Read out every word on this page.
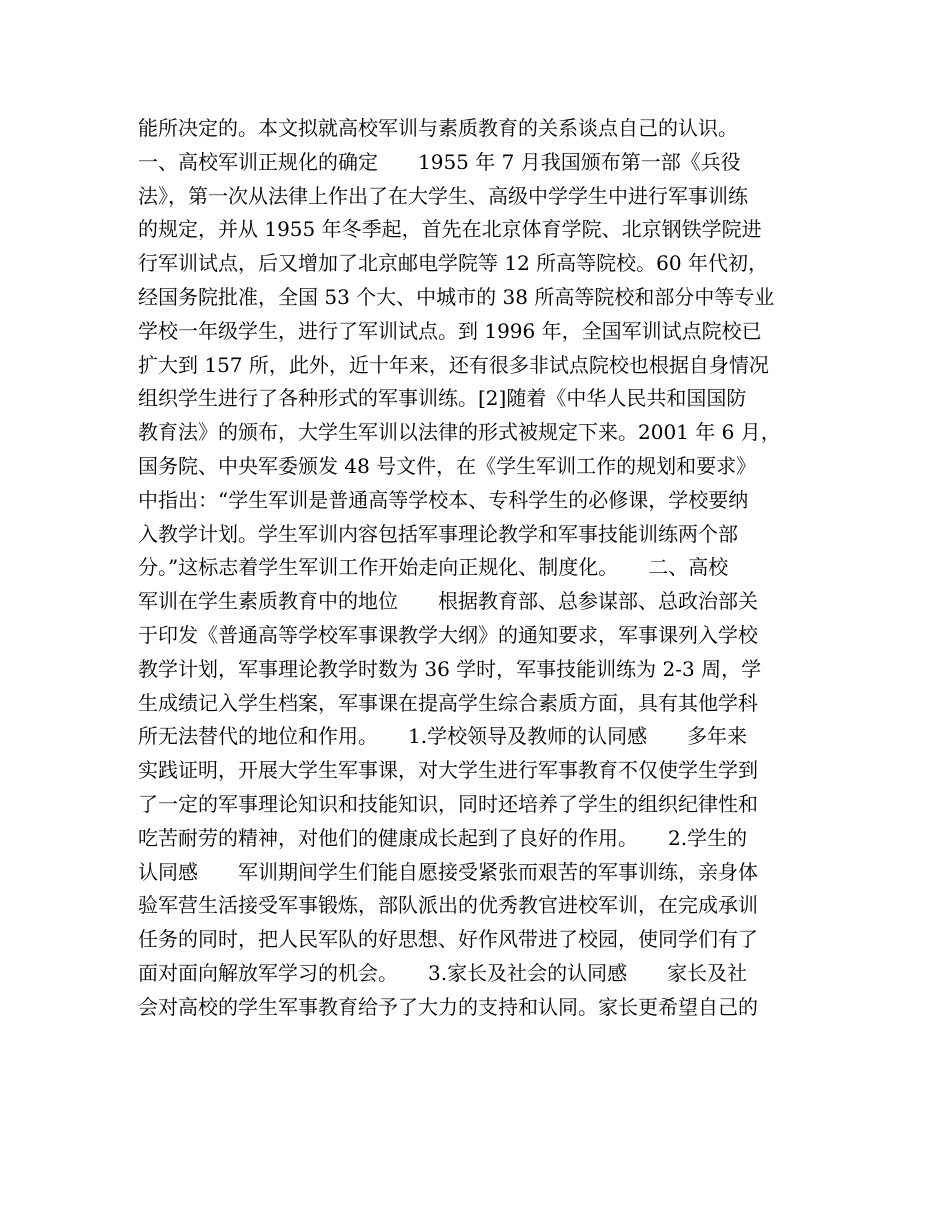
能所决定的。本文拟就高校军训与素质教育的关系谈点自己的认识。
一、高校军训正规化的确定　　1955 年 7 月我国颁布第一部《兵役
法》，第一次从法律上作出了在大学生、高级中学学生中进行军事训练
的规定，并从 1955 年冬季起，首先在北京体育学院、北京钢铁学院进
行军训试点，后又增加了北京邮电学院等 12 所高等院校。60 年代初，
经国务院批准，全国 53 个大、中城市的 38 所高等院校和部分中等专业
学校一年级学生，进行了军训试点。到 1996 年，全国军训试点院校已
扩大到 157 所，此外，近十年来，还有很多非试点院校也根据自身情况
组织学生进行了各种形式的军事训练。[2]随着《中华人民共和国国防
教育法》的颁布，大学生军训以法律的形式被规定下来。2001 年 6 月，
国务院、中央军委颁发 48 号文件，在《学生军训工作的规划和要求》
中指出：“学生军训是普通高等学校本、专科学生的必修课，学校要纳
入教学计划。学生军训内容包括军事理论教学和军事技能训练两个部
分。”这标志着学生军训工作开始走向正规化、制度化。　　二、高校
军训在学生素质教育中的地位　　根据教育部、总参谋部、总政治部关
于印发《普通高等学校军事课教学大纲》的通知要求，军事课列入学校
教学计划，军事理论教学时数为 36 学时，军事技能训练为 2-3 周，学
生成绩记入学生档案，军事课在提高学生综合素质方面，具有其他学科
所无法替代的地位和作用。　　1.学校领导及教师的认同感　　多年来
实践证明，开展大学生军事课，对大学生进行军事教育不仅使学生学到
了一定的军事理论知识和技能知识，同时还培养了学生的组织纪律性和
吃苦耐劳的精神，对他们的健康成长起到了良好的作用。　　2.学生的
认同感　　军训期间学生们能自愿接受紧张而艰苦的军事训练，亲身体
验军营生活接受军事锻炼，部队派出的优秀教官进校军训，在完成承训
任务的同时，把人民军队的好思想、好作风带进了校园，使同学们有了
面对面向解放军学习的机会。　　3.家长及社会的认同感　　家长及社
会对高校的学生军事教育给予了大力的支持和认同。家长更希望自己的
